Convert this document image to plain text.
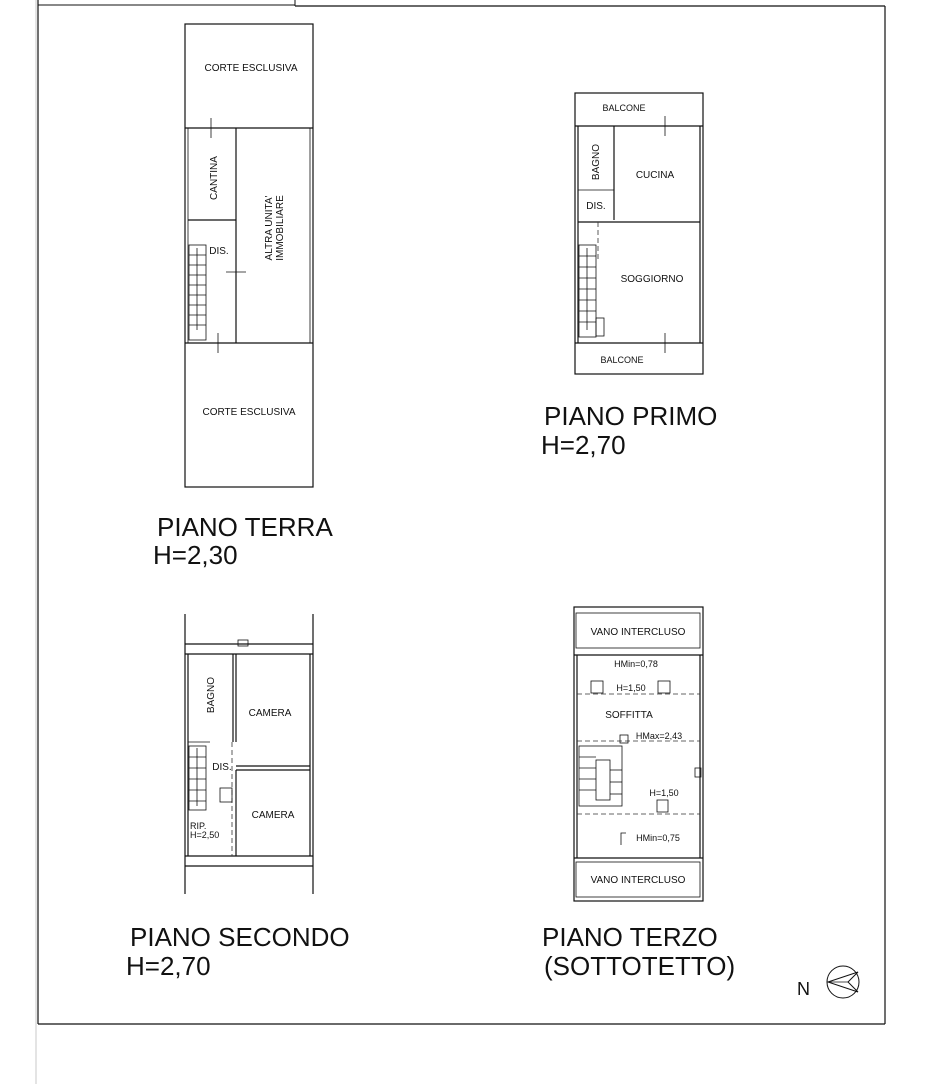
CORTE ESCLUSIVA
CANTINA
DIS.	ALTRA UNITA' IMMOBILIARE
CORTE ESCLUSIVA
PIANO TERRA
H=2,30
BALCONE
BAGNO	CUCINA
DIS.
SOGGIORNO
BALCONE
PIANO PRIMO
H=2,70
BAGNO
CAMERA
DIS.
CAMERA
RIP.
H=2,50
PIANO SECONDO
H=2,70
VANO INTERCLUSO
HMin=0,78
H=1,50
SOFFITTA
HMax=2,43
H=1,50
HMin=0,75
VANO INTERCLUSO
PIANO TERZO
(SOTTOTETTO)
N
